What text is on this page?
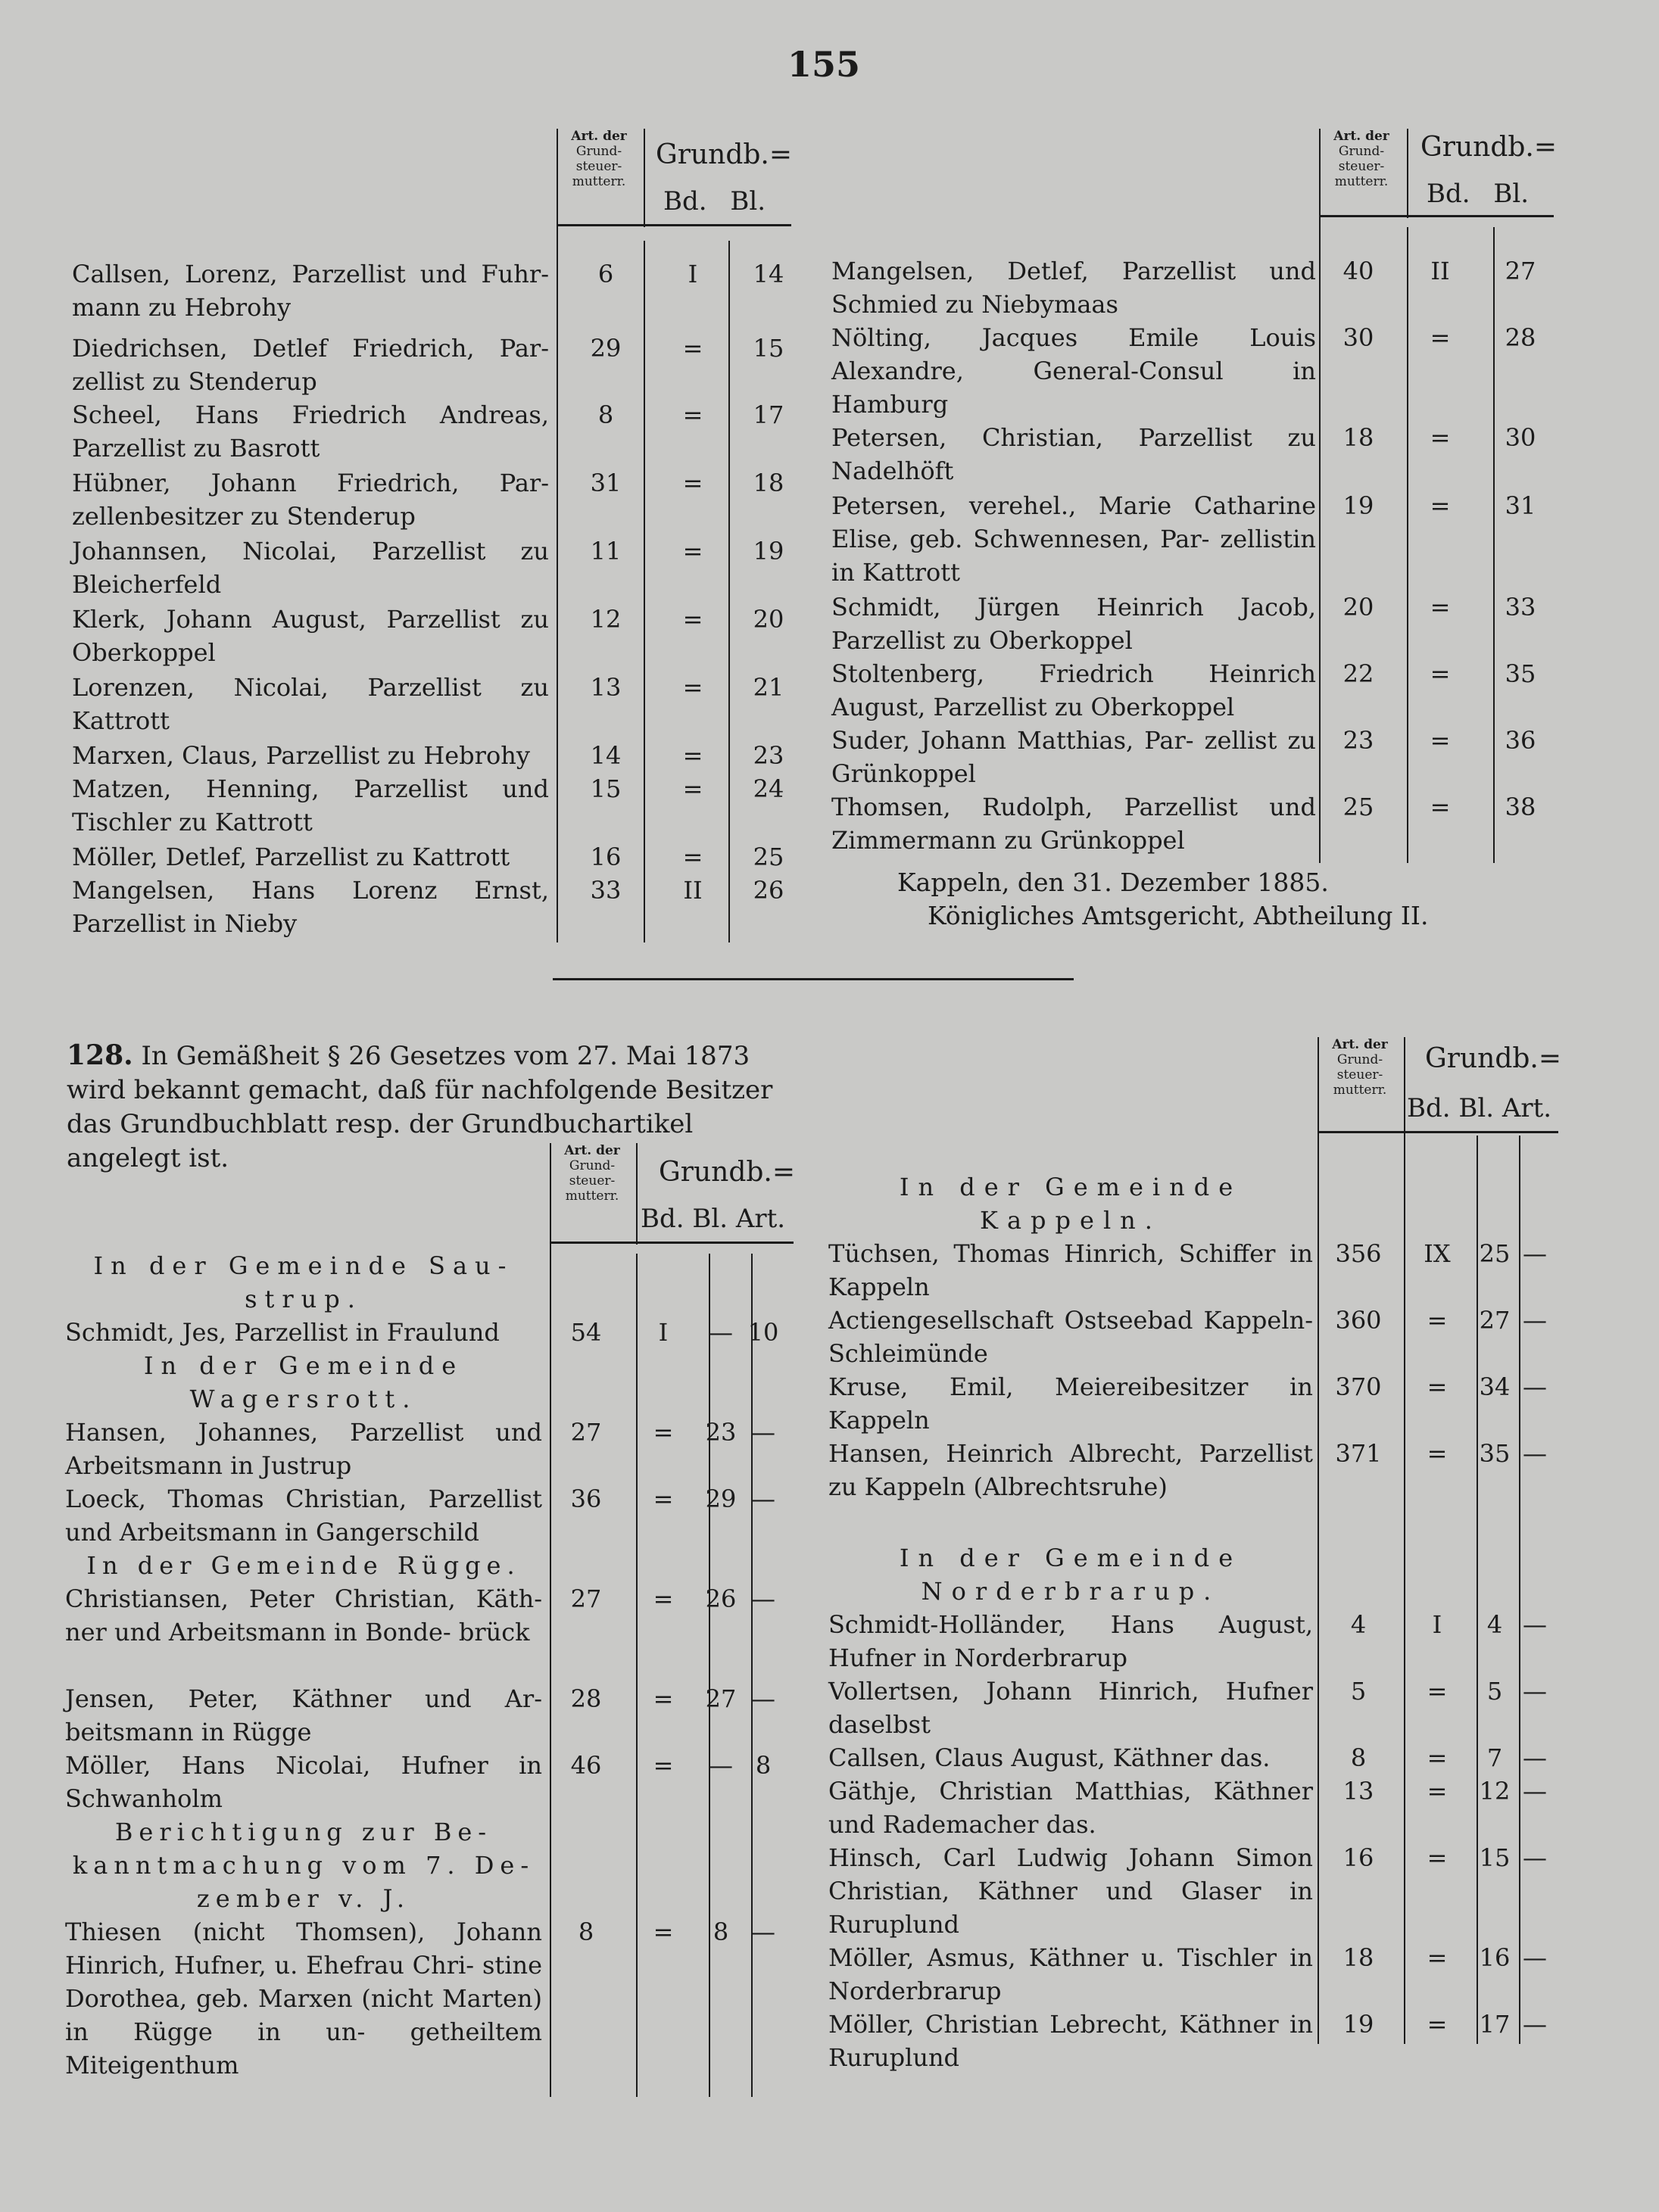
155
Art. der
Grund-
steuer-
mutterr.
Grundb.=
Bd. Bl.
Callsen, Lorenz, Parzellist und Fuhr- mann zu Hebrohy
6	I	14
Diedrichsen, Detlef Friedrich, Par- zellist zu Stenderup
29	=	15
Scheel, Hans Friedrich Andreas, Parzellist zu Basrott
8	=	17
Hübner, Johann Friedrich, Par- zellenbesitzer zu Stenderup
31	=	18
Johannsen, Nicolai, Parzellist zu Bleicherfeld
11	=	19
Klerk, Johann August, Parzellist zu Oberkoppel
12	=	20
Lorenzen, Nicolai, Parzellist zu Kattrott
13	=	21
Marxen, Claus, Parzellist zu Hebrohy	14	=	23
Matzen, Henning, Parzellist und Tischler zu Kattrott
15	=	24
Möller, Detlef, Parzellist zu Kattrott	16	=	25
Mangelsen, Hans Lorenz Ernst, Parzellist in Nieby
33	II	26
Art. der
Grund-
steuer-
mutterr.
Grundb.=
Bd. Bl.
Mangelsen, Detlef, Parzellist und Schmied zu Niebymaas
40	II	27
Nölting, Jacques Emile Louis Alexandre, General-Consul in Hamburg
30	=	28
Petersen, Christian, Parzellist zu Nadelhöft
18	=	30
Petersen, verehel., Marie Catharine Elise, geb. Schwennesen, Par- zellistin in Kattrott
19	=	31
Schmidt, Jürgen Heinrich Jacob, Parzellist zu Oberkoppel
20	=	33
Stoltenberg, Friedrich Heinrich August, Parzellist zu Oberkoppel
22	=	35
Suder, Johann Matthias, Par- zellist zu Grünkoppel
23	=	36
Thomsen, Rudolph, Parzellist und Zimmermann zu Grünkoppel
25	=	38
Kappeln, den 31. Dezember 1885.
Königliches Amtsgericht, Abtheilung II.
128. In Gemäßheit § 26 Gesetzes vom 27. Mai 1873 wird bekannt gemacht, daß für nachfolgende Besitzer das Grundbuchblatt resp. der Grundbuchartikel angelegt ist.	Art. der
Grund-
steuer-
mutterr.
Grundb.=
Bd. Bl. Art.
In der Gemeinde Sau- strup.
Schmidt, Jes, Parzellist in Fraulund	54	I	— 10
In der Gemeinde Wagersrott.
Hansen, Johannes, Parzellist und Arbeitsmann in Justrup
27	=	23 —
Loeck, Thomas Christian, Parzellist und Arbeitsmann in Gangerschild
36	=	29 —
In der Gemeinde Rügge.
Christiansen, Peter Christian, Käth- ner und Arbeitsmann in Bonde- brück
27	=	26 —
Jensen, Peter, Käthner und Ar- beitsmann in Rügge
28	=	27 —
Möller, Hans Nicolai, Hufner in Schwanholm
46	=	— 8
Berichtigung zur Be- kanntmachung vom 7. De- zember v. J.
Thiesen (nicht Thomsen), Johann Hinrich, Hufner, u. Ehefrau Chri- stine Dorothea, geb. Marxen (nicht Marten) in Rügge in un- getheiltem Miteigenthum
8	=	8 —
Art. der
Grund-
steuer-
mutterr.
Grundb.=
Bd. Bl. Art.
In der Gemeinde Kappeln.
Tüchsen, Thomas Hinrich, Schiffer in Kappeln
356	IX	25 —
Actiengesellschaft Ostseebad Kappeln- Schleimünde
360	=	27 —
Kruse, Emil, Meiereibesitzer in Kappeln
370	=	34 —
Hansen, Heinrich Albrecht, Parzellist zu Kappeln (Albrechtsruhe)
371	=	35 —
In der Gemeinde Norderbrarup.
Schmidt-Holländer, Hans August, Hufner in Norderbrarup
4	I	4 —
Vollertsen, Johann Hinrich, Hufner daselbst
5	=	5 —
Callsen, Claus August, Käthner das.	8	=	7 —
Gäthje, Christian Matthias, Käthner und Rademacher das.
13	=	12 —
Hinsch, Carl Ludwig Johann Simon Christian, Käthner und Glaser in Ruruplund
16	=	15 —
Möller, Asmus, Käthner u. Tischler in Norderbrarup
18	=	16 —
Möller, Christian Lebrecht, Käthner in Ruruplund
19	=	17 —
